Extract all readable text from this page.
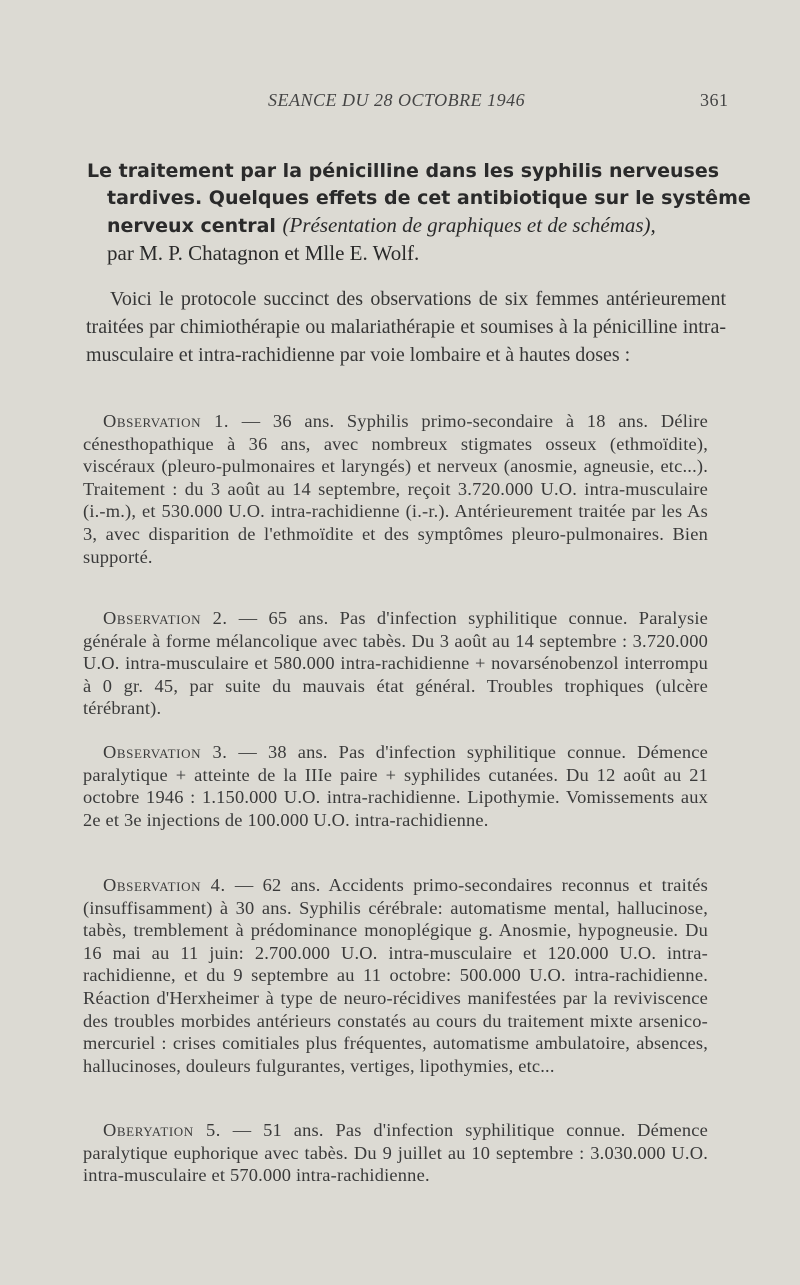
SEANCE DU 28 OCTOBRE 1946	361
Le traitement par la pénicilline dans les syphilis nerveuses
tardives. Quelques effets de cet antibiotique sur le systême
nerveux central (Présentation de graphiques et de schémas),
par M. P. Chatagnon et Mlle E. Wolf.

Voici le protocole succinct des observations de six femmes antérieurement traitées par chimiothérapie ou malariathérapie et soumises à la pénicilline intra-musculaire et intra-rachidienne par voie lombaire et à hautes doses :

Observation 1. — 36 ans. Syphilis primo-secondaire à 18 ans. Délire cénesthopathique à 36 ans, avec nombreux stigmates osseux (ethmoïdite), viscéraux (pleuro-pulmonaires et laryngés) et nerveux (anosmie, agneusie, etc...). Traitement : du 3 août au 14 septembre, reçoit 3.720.000 U.O. intra-musculaire (i.-m.), et 530.000 U.O. intra-rachidienne (i.-r.). Antérieurement traitée par les As 3, avec disparition de l'ethmoïdite et des symptômes pleuro-pulmonaires. Bien supporté.

Observation 2. — 65 ans. Pas d'infection syphilitique connue. Paralysie générale à forme mélancolique avec tabès. Du 3 août au 14 septembre : 3.720.000 U.O. intra-musculaire et 580.000 intra-rachidienne + novarsénobenzol interrompu à 0 gr. 45, par suite du mauvais état général. Troubles trophiques (ulcère térébrant).

Observation 3. — 38 ans. Pas d'infection syphilitique connue. Démence paralytique + atteinte de la IIIe paire + syphilides cutanées. Du 12 août au 21 octobre 1946 : 1.150.000 U.O. intra-rachidienne. Lipothymie. Vomissements aux 2e et 3e injections de 100.000 U.O. intra-rachidienne.

Observation 4. — 62 ans. Accidents primo-secondaires reconnus et traités (insuffisamment) à 30 ans. Syphilis cérébrale: automatisme mental, hallucinose, tabès, tremblement à prédominance monoplégique g. Anosmie, hypogneusie. Du 16 mai au 11 juin: 2.700.000 U.O. intra-musculaire et 120.000 U.O. intra-rachidienne, et du 9 septembre au 11 octobre: 500.000 U.O. intra-rachidienne. Réaction d'Herxheimer à type de neuro-récidives manifestées par la reviviscence des troubles morbides antérieurs constatés au cours du traitement mixte arsenico-mercuriel : crises comitiales plus fréquentes, automatisme ambulatoire, absences, hallucinoses, douleurs fulgurantes, vertiges, lipothymies, etc...

Oberyation 5. — 51 ans. Pas d'infection syphilitique connue. Démence paralytique euphorique avec tabès. Du 9 juillet au 10 septembre : 3.030.000 U.O. intra-musculaire et 570.000 intra-rachidienne.
